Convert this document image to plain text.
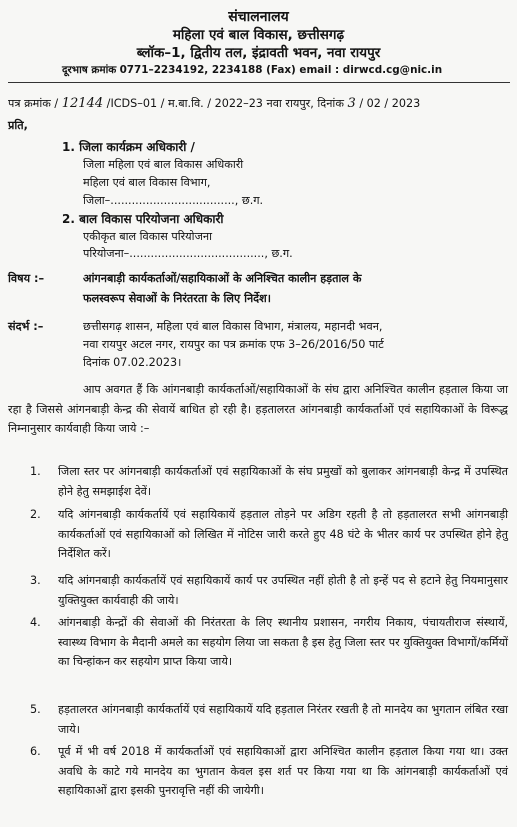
संचालनालय
महिला एवं बाल विकास, छत्तीसगढ़
ब्लॉक–1, द्वितीय तल, इंद्रावती भवन, नवा रायपुर
दूरभाष क्रमांक 0771–2234192, 2234188 (Fax) email : dirwcd.cg@nic.in
पत्र क्रमांक / 12144 /ICDS–01 / म.बा.वि. / 2022–23 नवा रायपुर, दिनांक 3 / 02 / 2023
प्रति,
1. जिला कार्यक्रम अधिकारी /
जिला महिला एवं बाल विकास अधिकारी
महिला एवं बाल विकास विभाग,
जिला–..................................., छ.ग.
2. बाल विकास परियोजना अधिकारी
एकीकृत बाल विकास परियोजना
परियोजना–......................................, छ.ग.
विषय :–	आंगनबाड़ी कार्यकर्ताओं/सहायिकाओं के अनिश्चित कालीन हड़ताल के
फलस्वरूप सेवाओं के निरंतरता के लिए निर्देश।
संदर्भ :–	छत्तीसगढ़ शासन, महिला एवं बाल विकास विभाग, मंत्रालय, महानदी भवन,
नवा रायपुर अटल नगर, रायपुर का पत्र क्रमांक एफ 3–26/2016/50 पार्ट
दिनांक 07.02.2023।
आप अवगत हैं कि आंगनबाड़ी कार्यकर्ताओं/सहायिकाओं के संघ द्वारा अनिश्चित कालीन हड़ताल किया जा रहा है जिससे आंगनबाड़ी केन्द्र की सेवायें बाधित हो रही है। हड़तालरत आंगनबाड़ी कार्यकर्ताओं एवं सहायिकाओं के विरूद्ध निम्नानुसार कार्यवाही किया जाये :–
1. जिला स्तर पर आंगनबाड़ी कार्यकर्ताओं एवं सहायिकाओं के संघ प्रमुखों को बुलाकर आंगनबाड़ी केन्द्र में उपस्थित होने हेतु समझाईश देवें।
2. यदि आंगनबाड़ी कार्यकर्तायें एवं सहायिकायें हड़ताल तोड़ने पर अडिग रहती है तो हड़तालरत सभी आंगनबाड़ी कार्यकर्ताओं एवं सहायिकाओं को लिखित में नोटिस जारी करते हुए 48 घंटे के भीतर कार्य पर उपस्थित होने हेतु निर्देशित करें।
3. यदि आंगनबाड़ी कार्यकर्तायें एवं सहायिकायें कार्य पर उपस्थित नहीं होती है तो इन्हें पद से हटाने हेतु नियमानुसार युक्तियुक्त कार्यवाही की जाये।
4. आंगनबाड़ी केन्द्रों की सेवाओं की निरंतरता के लिए स्थानीय प्रशासन, नगरीय निकाय, पंचायतीराज संस्थायें, स्वास्थ्य विभाग के मैदानी अमले का सहयोग लिया जा सकता है इस हेतु जिला स्तर पर युक्तियुक्त विभागों/कर्मियों का चिन्हांकन कर सहयोग प्राप्त किया जाये।
5. हड़तालरत आंगनबाड़ी कार्यकर्तायें एवं सहायिकायें यदि हड़ताल निरंतर रखती है तो मानदेय का भुगतान लंबित रखा जाये।
6. पूर्व में भी वर्ष 2018 में कार्यकर्ताओं एवं सहायिकाओं द्वारा अनिश्चित कालीन हड़ताल किया गया था। उक्त अवधि के काटे गये मानदेय का भुगतान केवल इस शर्त पर किया गया था कि आंगनबाड़ी कार्यकर्ताओं एवं सहायिकाओं द्वारा इसकी पुनरावृत्ति नहीं की जायेगी।
